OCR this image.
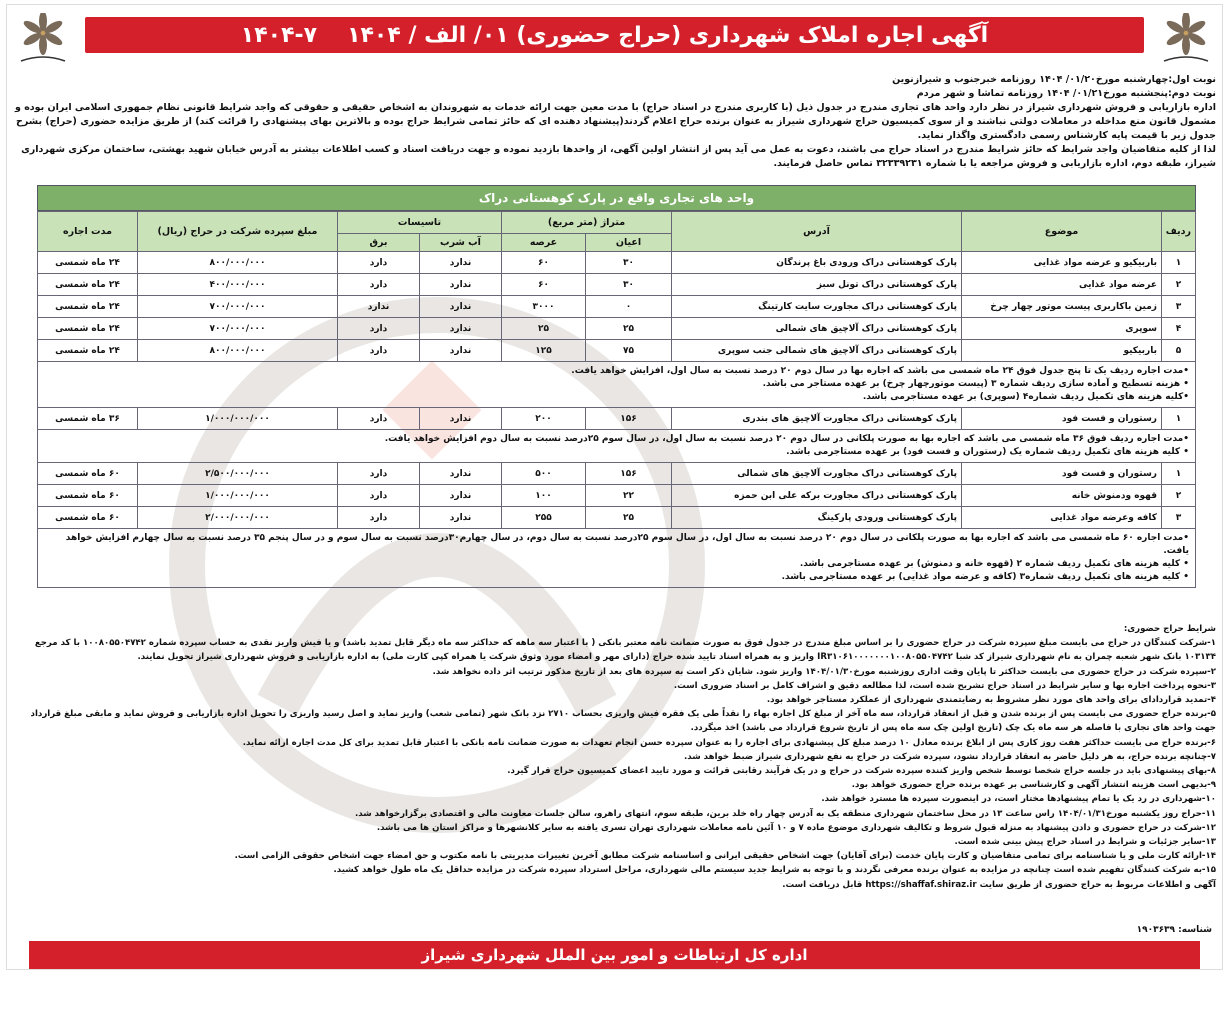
آگهی اجاره املاک شهرداری (حراج حضوری) ۰۱/ الف / ۱۴۰۴
۱۴۰۴-۷

نوبت اول:چهارشنبه مورخ۰۱/۲۰/ ۱۴۰۴ روزنامه خبرجنوب و شیرازنوین

نوبت دوم:پنجشنبه مورخ۰۱/۲۱/ ۱۴۰۴ روزنامه تماشا و شهر مردم

اداره بازاریابی و فروش شهرداری شیراز در نظر دارد واحد های تجاری مندرج در جدول ذیل (با کاربری مندرج در اسناد حراج) با مدت معین جهت ارائه خدمات به شهروندان به اشخاص حقیقی و حقوقی که واجد شرایط قانونی نظام جمهوری اسلامی ایران بوده و مشمول قانون منع مداخله در معاملات دولتی نباشند و از سوی کمیسیون حراج شهرداری شیراز به عنوان برنده حراج اعلام گردند(پیشنهاد دهنده ای که حائز تمامی شرایط حراج بوده و بالاترین بهای پیشنهادی را قرائت کند) از طریق مزایده حضوری (حراج) بشرح جدول زیر با قیمت پایه کارشناس رسمی دادگستری واگذار نماید.

لذا از کلیه متقاضیان واجد شرایط که حائز شرایط مندرج در اسناد حراج می باشند، دعوت به عمل می آید پس از انتشار اولین آگهی، از واحدها بازدید نموده و جهت دریافت اسناد و کسب اطلاعات بیشتر به آدرس خیابان شهید بهشتی، ساختمان مرکزی شهرداری شیراز، طبقه دوم، اداره بازاریابی و فروش مراجعه یا با شماره ۳۲۳۳۹۲۳۱ تماس حاصل فرمایند.

واحد های تجاری واقع در پارک کوهستانی دراک
ردیف	موضوع	آدرس	متراژ (متر مربع)		تاسیسات		مبلغ سپرده شرکت در حراج (ریال)	مدت اجاره
			اعیان	عرصه	آب شرب	برق		
۱	باربیکیو و عرضه مواد غذایی	پارک کوهستانی دراک ورودی باغ پرندگان	۳۰	۶۰	ندارد	دارد	۸۰۰/۰۰۰/۰۰۰	۲۴ ماه شمسی
۲	عرضه مواد غذایی	پارک کوهستانی دراک تونل سبز	۳۰	۶۰	ندارد	دارد	۴۰۰/۰۰۰/۰۰۰	۲۴ ماه شمسی
۳	زمین باکاربری پیست موتور چهار چرخ	پارک کوهستانی دراک مجاورت سایت کارتینگ	۰	۳۰۰۰	ندارد	ندارد	۷۰۰/۰۰۰/۰۰۰	۲۴ ماه شمسی
۴	سوپری	پارک کوهستانی دراک آلاچیق های شمالی	۲۵	۲۵	ندارد	دارد	۷۰۰/۰۰۰/۰۰۰	۲۴ ماه شمسی
۵	باربیکیو	پارک کوهستانی دراک آلاچیق های شمالی جنب سوپری	۷۵	۱۲۵	ندارد	دارد	۸۰۰/۰۰۰/۰۰۰	۲۴ ماه شمسی

•مدت اجاره ردیف یک تا پنج جدول فوق ۲۴ ماه شمسی می باشد که اجاره بها در سال دوم ۲۰ درصد نسبت به سال اول، افزایش خواهد یافت.
• هزینه تسطیح و آماده سازی ردیف شماره ۳ (پیست موتورچهار چرخ) بر عهده مستاجر می باشد.
•کلیه هزینه های تکمیل ردیف شماره۴ (سوپری) بر عهده مستاجرمی باشد.								

۱	رستوران و فست فود	پارک کوهستانی دراک مجاورت آلاچیق های بندری	۱۵۶	۲۰۰	ندارد	دارد	۱/۰۰۰/۰۰۰/۰۰۰	۳۶ ماه شمسی

•مدت اجاره ردیف فوق ۳۶ ماه شمسی می باشد که اجاره بها به صورت پلکانی در سال دوم ۲۰ درصد نسبت به سال اول، در سال سوم ۲۵درصد نسبت به سال دوم افزایش خواهد یافت.
• کلیه هزینه های تکمیل ردیف شماره یک (رستوران و فست فود) بر عهده مستاجرمی باشد.								

۱	رستوران و فست فود	پارک کوهستانی دراک مجاورت آلاچیق های شمالی	۱۵۶	۵۰۰	ندارد	دارد	۲/۵۰۰/۰۰۰/۰۰۰	۶۰ ماه شمسی
۲	قهوه ودمنوش خانه	پارک کوهستانی دراک مجاورت برکه علی ابن حمزه	۲۲	۱۰۰	ندارد	دارد	۱/۰۰۰/۰۰۰/۰۰۰	۶۰ ماه شمسی
۳	کافه وعرضه مواد غذایی	پارک کوهستانی ورودی پارکینگ	۲۵	۲۵۵	ندارد	دارد	۲/۰۰۰/۰۰۰/۰۰۰	۶۰ ماه شمسی

•مدت اجاره ۶۰ ماه شمسی می باشد که اجاره بها به صورت پلکانی در سال دوم ۲۰ درصد نسبت به سال اول، در سال سوم ۲۵درصد نسبت به سال دوم، در سال چهارم۳۰درصد نسبت به سال سوم و در سال پنجم ۳۵ درصد نسبت به سال چهارم افزایش خواهد یافت.
• کلیه هزینه های تکمیل ردیف شماره ۲ (قهوه خانه و دمنوش) بر عهده مستاجرمی باشد.
• کلیه هزینه های تکمیل ردیف شماره۳ (کافه و عرضه مواد غذایی) بر عهده مستاجرمی باشد.								

شرایط حراج حضوری:

۱-شرکت کنندگان در حراج می بایست مبلغ سپرده شرکت در حراج حضوری را بر اساس مبلغ مندرج در جدول فوق به صورت ضمانت نامه معتبر بانکی ( با اعتبار سه ماهه که حداکثر سه ماه دیگر قابل تمدید باشد) و یا فیش واریز نقدی به حساب سپرده شماره ۱۰۰۸۰۵۵۰۴۷۴۲ با کد مرجع ۱۰۳۱۳۴ بانک شهر شعبه چمران به نام شهرداری شیراز کد شبا IR۳۱۰۶۱۰۰۰۰۰۰۰۱۰۰۸۰۵۵۰۴۷۴۲ واریز و به همراه اسناد تایید شده حراج (دارای مهر و امضاء مورد وثوق شرکت یا همراه کپی کارت ملی) به اداره بازاریابی و فروش شهرداری شیراز تحویل نمایند.

۲-سپرده شرکت در حراج حضوری می بایست حداکثر تا پایان وقت اداری روزشنبه مورخ۱۴۰۴/۰۱/۳۰ واریز شود. شایان ذکر است به سپرده های بعد از تاریخ مذکور ترتیب اثر داده نخواهد شد.

۳-نحوه پرداخت اجاره بها و سایر شرایط در اسناد حراج تشریح شده است، لذا مطالعه دقیق و اشراف کامل بر اسناد ضروری است.

۴-تمدید قراردادای برای واحد های مورد نظر مشروط به رضایتمندی شهرداری از عملکرد مستاجر خواهد بود.

۵-برنده حراج حضوری می بایست پس از برنده شدن و قبل از انعقاد قرارداد، سه ماه آخر از مبلغ کل اجاره بهاء را نقداً طی یک فقره فیش واریزی بحساب ۲۷۱۰ نزد بانک شهر (تمامی شعب) واریز نماید و اصل رسید واریزی را تحویل اداره بازاریابی و فروش نماید و مابقی مبلغ قرارداد جهت واحد های تجاری با فاصله هر سه ماه یک چک (تاریخ اولین چک سه ماه پس از تاریخ شروع قرارداد می باشد) اخذ میگردد.

۶-برنده حراج می بایست حداکثر هفت روز کاری پس از ابلاغ برنده معادل ۱۰ درصد مبلغ کل پیشنهادی برای اجاره را به عنوان سپرده حسن انجام تعهدات به صورت ضمانت نامه بانکی با اعتبار قابل تمدید برای کل مدت اجاره ارائه نماید.

۷-چنانچه برنده حراج، به هر دلیل حاضر به انعقاد قرارداد نشود، سپرده شرکت در حراج به نفع شهرداری شیراز ضبط خواهد شد.

۸-بهای پیشنهادی باید در جلسه حراج شخصا توسط شخص واریز کننده سپرده شرکت در حراج و در یک فرآیند رقابتی قرائت و مورد تایید اعضای کمیسیون حراج قرار گیرد.

۹-بدیهی است هزینه انتشار آگهی و کارشناسی بر عهده برنده حراج حضوری خواهد بود.

۱۰-شهرداری در رد یک یا تمام پیشنهادها مختار است، در اینصورت سپرده ها مسترد خواهد شد.

۱۱-حراج روز یکشنبه مورخ۱۴۰۴/۰۱/۳۱ راس ساعت ۱۳ در محل ساختمان شهرداری منطقه یک به آدرس چهار راه خلد برین، طبقه سوم، انتهای راهرو، سالن جلسات معاونت مالی و اقتصادی برگزارخواهد شد.

۱۲-شرکت در حراج حضوری و دادن پیشنهاد به منزله قبول شروط و تکالیف شهرداری موضوع ماده ۷ و ۱۰ آئین نامه معاملات شهرداری تهران تسری یافته به سایر کلانشهرها و مراکز استان ها می باشد.

۱۳-سایر جزئیات و شرایط در اسناد حراج پیش بینی شده است.

۱۴-ارائه کارت ملی و یا شناسنامه برای تمامی متقاضیان و کارت پایان خدمت (برای آقایان) جهت اشخاص حقیقی ایرانی و اساسنامه شرکت مطابق آخرین تغییرات مدیریتی با نامه مکتوب و حق امضاء جهت اشخاص حقوقی الزامی است.

۱۵-به شرکت کنندگان تفهیم شده است چنانچه در مزایده به عنوان برنده معرفی نگردند و با توجه به شرایط جدید سیستم مالی شهرداری، مراحل استرداد سپرده شرکت در مزایده حداقل یک ماه طول خواهد کشید.

آگهی و اطلاعات مربوط به حراج حضوری از طریق سایت https://shaffaf.shiraz.ir قابل دریافت است.

شناسه: ۱۹۰۳۶۳۹
اداره کل ارتباطات و امور بین الملل شهرداری شیراز
